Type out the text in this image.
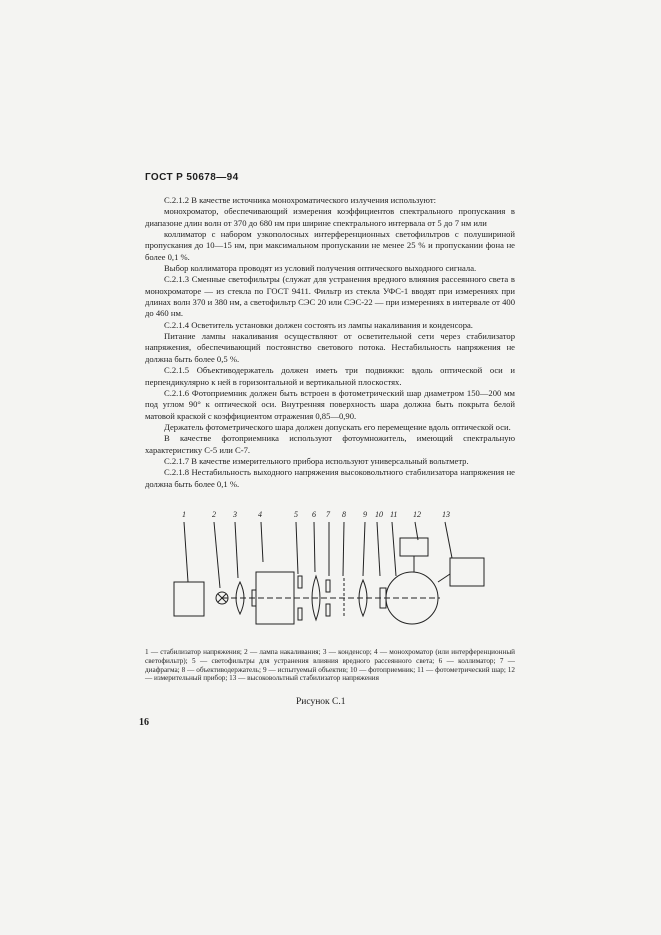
ГОСТ Р 50678—94

С.2.1.2 В качестве источника монохроматического излучения используют:

монохроматор, обеспечивающий измерения коэффициентов спектрального пропускания в диапазоне длин волн от 370 до 680 нм при ширине спектрального интервала от 5 до 7 нм или

коллиматор с набором узкополосных интерференционных светофильтров с полушириной пропускания до 10—15 нм, при максимальном пропускании не менее 25 % и пропускании фона не более 0,1 %.

Выбор коллиматора проводят из условий получения оптического выходного сигнала.

С.2.1.3 Сменные светофильтры (служат для устранения вредного влияния рассеянного света в монохроматоре — из стекла по ГОСТ 9411. Фильтр из стекла УФС-1 вводят при измерениях при длинах волн 370 и 380 нм, а светофильтр СЭС 20 или СЭС-22 — при измерениях в интервале от 400 до 460 нм.

С.2.1.4 Осветитель установки должен состоять из лампы накаливания и конденсора.

Питание лампы накаливания осуществляют от осветительной сети через стабилизатор напряжения, обеспечивающий постоянство светового потока. Нестабильность напряжения не должна быть более 0,5 %.

С.2.1.5 Объективодержатель должен иметь три подвижки: вдоль оптической оси и перпендикулярно к ней в горизонтальной и вертикальной плоскостях.

С.2.1.6 Фотоприемник должен быть встроен в фотометрический шар диаметром 150—200 мм под углом 90° к оптической оси. Внутренняя поверхность шара должна быть покрыта белой матовой краской с коэффициентом отражения 0,85—0,90.

Держатель фотометрического шара должен допускать его перемещение вдоль оптической оси.

В качестве фотоприемника используют фотоумножитель, имеющий спектральную характеристику С-5 или С-7.

С.2.1.7 В качестве измерительного прибора используют универсальный вольтметр.

С.2.1.8 Нестабильность выходного напряжения высоковольтного стабилизатора напряжения не должна быть более 0,1 %.

1	2 3	4	5 6 7 8 9 10 11 12	13
1 — стабилизатор напряжения; 2 — лампа накаливания; 3 — конденсор; 4 — монохроматор (или интерференционный светофильтр); 5 — светофильтры для устранения влияния вредного рассеянного света; 6 — коллиматор; 7 — диафрагма; 8 — объективодержатель; 9 — испытуемый объектив; 10 — фотоприемник; 11 — фотометрический шар; 12 — измерительный прибор; 13 — высоковольтный стабилизатор напряжения
Рисунок С.1
16
